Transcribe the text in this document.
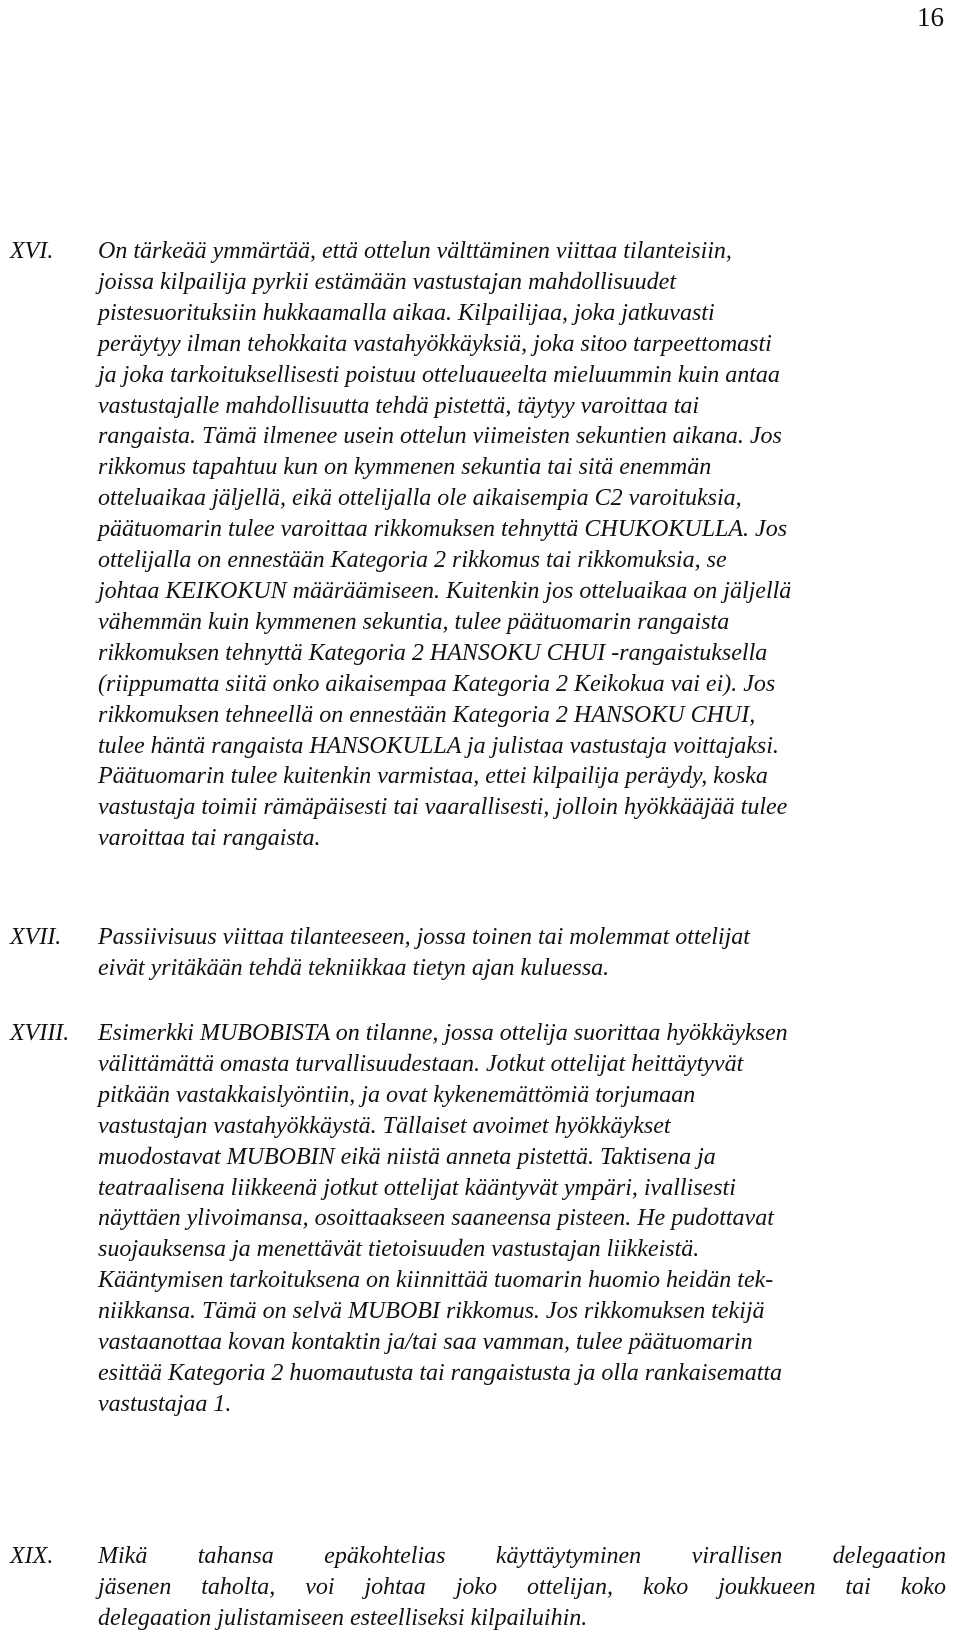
16
XVI. On tärkeää ymmärtää, että ottelun välttäminen viittaa tilanteisiin,
joissa kilpailija pyrkii estämään vastustajan mahdollisuudet
pistesuorituksiin hukkaamalla aikaa. Kilpailijaa, joka jatkuvasti
peräytyy ilman tehokkaita vastahyökkäyksiä, joka sitoo tarpeettomasti
ja joka tarkoituksellisesti poistuu otteluaueelta mieluummin kuin antaa
vastustajalle mahdollisuutta tehdä pistettä, täytyy varoittaa tai
rangaista. Tämä ilmenee usein ottelun viimeisten sekuntien aikana. Jos
rikkomus tapahtuu kun on kymmenen sekuntia tai sitä enemmän
otteluaikaa jäljellä, eikä ottelijalla ole aikaisempia C2 varoituksia,
päätuomarin tulee varoittaa rikkomuksen tehnyttä CHUKOKULLA. Jos
ottelijalla on ennestään Kategoria 2 rikkomus tai rikkomuksia, se
johtaa KEIKOKUN määräämiseen. Kuitenkin jos otteluaikaa on jäljellä
vähemmän kuin kymmenen sekuntia, tulee päätuomarin rangaista
rikkomuksen tehnyttä Kategoria 2 HANSOKU CHUI -rangaistuksella
(riippumatta siitä onko aikaisempaa Kategoria 2 Keikokua vai ei). Jos
rikkomuksen tehneellä on ennestään Kategoria 2 HANSOKU CHUI,
tulee häntä rangaista HANSOKULLA ja julistaa vastustaja voittajaksi.
Päätuomarin tulee kuitenkin varmistaa, ettei kilpailija peräydy, koska
vastustaja toimii rämäpäisesti tai vaarallisesti, jolloin hyökkääjää tulee
varoittaa tai rangaista.

XVII. Passiivisuus viittaa tilanteeseen, jossa toinen tai molemmat ottelijat
eivät yritäkään tehdä tekniikkaa tietyn ajan kuluessa.

XVIII. Esimerkki MUBOBISTA on tilanne, jossa ottelija suorittaa hyökkäyksen
välittämättä omasta turvallisuudestaan. Jotkut ottelijat heittäytyvät
pitkään vastakkaislyöntiin, ja ovat kykenemättömiä torjumaan
vastustajan vastahyökkäystä. Tällaiset avoimet hyökkäykset
muodostavat MUBOBIN eikä niistä anneta pistettä. Taktisena ja
teatraalisena liikkeenä jotkut ottelijat kääntyvät ympäri, ivallisesti
näyttäen ylivoimansa, osoittaakseen saaneensa pisteen. He pudottavat
suojauksensa ja menettävät tietoisuuden vastustajan liikkeistä.
Kääntymisen tarkoituksena on kiinnittää tuomarin huomio heidän tek-
niikkansa. Tämä on selvä MUBOBI rikkomus. Jos rikkomuksen tekijä
vastaanottaa kovan kontaktin ja/tai saa vamman, tulee päätuomarin
esittää Kategoria 2 huomautusta tai rangaistusta ja olla rankaisematta
vastustajaa 1.

XIX. Mikä tahansa epäkohtelias käyttäytyminen virallisen delegaation
jäsenen taholta, voi johtaa joko ottelijan, koko joukkueen tai koko
delegaation julistamiseen esteelliseksi kilpailuihin.
